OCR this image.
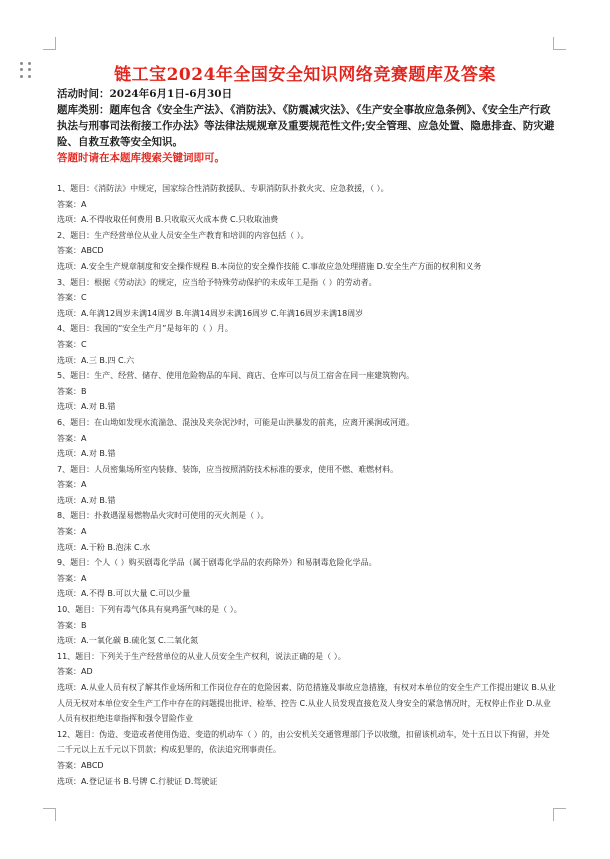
链工宝2024年全国安全知识网络竞赛题库及答案

活动时间：2024年6月1日-6月30日

题库类别：题库包含《安全生产法》、《消防法》、《防震减灾法》、《生产安全事故应急条例》、《安全生产行政执法与刑事司法衔接工作办法》等法律法规规章及重要规范性文件;安全管理、应急处置、隐患排查、防灾避险、自救互救等安全知识。

答题时请在本题库搜索关键词即可。

1、题目：《消防法》中规定，国家综合性消防救援队、专职消防队扑救火灾、应急救援，（ ）。
答案：A
选项：A.不得收取任何费用 B.只收取灭火成本费 C.只收取油费
2、题目：生产经营单位从业人员安全生产教育和培训的内容包括（ ）。
答案：ABCD
选项：A.安全生产规章制度和安全操作规程 B.本岗位的安全操作技能 C.事故应急处理措施 D.安全生产方面的权利和义务
3、题目：根据《劳动法》的规定，应当给予特殊劳动保护的未成年工是指（ ）的劳动者。
答案：C
选项：A.年满12周岁未满14周岁 B.年满14周岁未满16周岁 C.年满16周岁未满18周岁
4、题目：我国的“安全生产月”是每年的（ ）月。
答案：C
选项：A.三 B.四 C.六
5、题目：生产、经营、储存、使用危险物品的车间、商店、仓库可以与员工宿舍在同一座建筑物内。
答案：B
选项：A.对 B.错
6、题目：在山坳如发现水流湍急、混浊及夹杂泥沙时，可能是山洪暴发的前兆，应离开溪涧或河道。
答案：A
选项：A.对 B.错
7、题目：人员密集场所室内装修、装饰，应当按照消防技术标准的要求，使用不燃、难燃材料。
答案：A
选项：A.对 B.错
8、题目：扑救遇湿易燃物品火灾时可使用的灭火剂是（ ）。
答案：A
选项：A.干粉 B.泡沫 C.水
9、题目：个人（ ）购买剧毒化学品（属于剧毒化学品的农药除外）和易制毒危险化学品。
答案：A
选项：A.不得 B.可以大量 C.可以少量
10、题目：下列有毒气体具有臭鸡蛋气味的是（ ）。
答案：B
选项：A.一氧化碳 B.硫化氢 C.二氧化氮
11、题目：下列关于生产经营单位的从业人员安全生产权利，说法正确的是（ ）。
答案：AD
选项：A.从业人员有权了解其作业场所和工作岗位存在的危险因素、防范措施及事故应急措施，有权对本单位的安全生产工作提出建议 B.从业人员无权对本单位安全生产工作中存在的问题提出批评、检举、控告 C.从业人员发现直接危及人身安全的紧急情况时，无权停止作业 D.从业人员有权拒绝违章指挥和强令冒险作业
12、题目：伪造、变造或者使用伪造、变造的机动车（ ）的，由公安机关交通管理部门予以收缴，扣留该机动车，处十五日以下拘留，并处二千元以上五千元以下罚款；构成犯罪的，依法追究刑事责任。
答案：ABCD
选项：A.登记证书 B.号牌 C.行驶证 D.驾驶证
